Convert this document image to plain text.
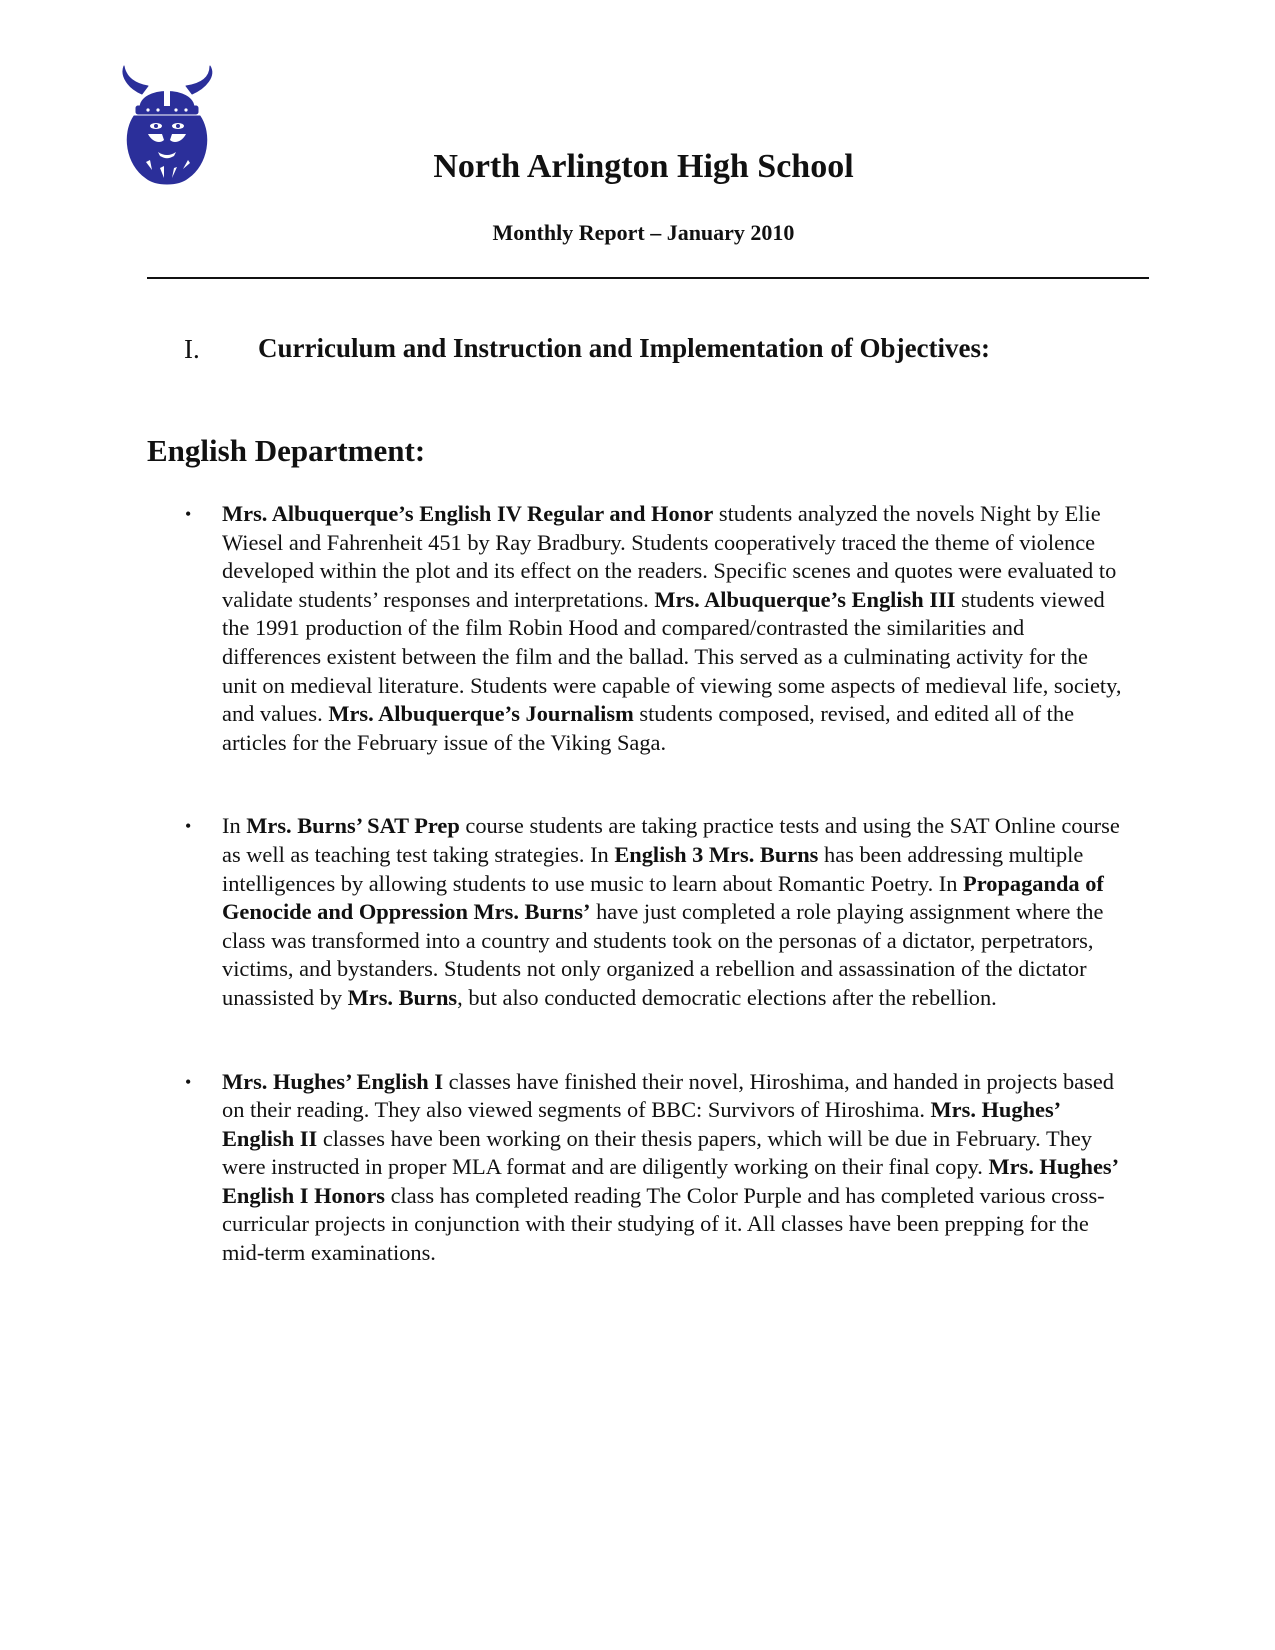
North Arlington High School
Monthly Report – January 2010
I. Curriculum and Instruction and Implementation of Objectives:
English Department:
• Mrs. Albuquerque’s English IV Regular and Honor students analyzed the novels Night by Elie Wiesel and Fahrenheit 451 by Ray Bradbury. Students cooperatively traced the theme of violence developed within the plot and its effect on the readers. Specific scenes and quotes were evaluated to validate students’ responses and interpretations. Mrs. Albuquerque’s English III students viewed the 1991 production of the film Robin Hood and compared/contrasted the similarities and differences existent between the film and the ballad. This served as a culminating activity for the unit on medieval literature. Students were capable of viewing some aspects of medieval life, society, and values. Mrs. Albuquerque’s Journalism students composed, revised, and edited all of the articles for the February issue of the Viking Saga.
• In Mrs. Burns’ SAT Prep course students are taking practice tests and using the SAT Online course as well as teaching test taking strategies. In English 3 Mrs. Burns has been addressing multiple intelligences by allowing students to use music to learn about Romantic Poetry. In Propaganda of Genocide and Oppression Mrs. Burns’ have just completed a role playing assignment where the class was transformed into a country and students took on the personas of a dictator, perpetrators, victims, and bystanders. Students not only organized a rebellion and assassination of the dictator unassisted by Mrs. Burns, but also conducted democratic elections after the rebellion.
• Mrs. Hughes’ English I classes have finished their novel, Hiroshima, and handed in projects based on their reading. They also viewed segments of BBC: Survivors of Hiroshima. Mrs. Hughes’ English II classes have been working on their thesis papers, which will be due in February. They were instructed in proper MLA format and are diligently working on their final copy. Mrs. Hughes’ English I Honors class has completed reading The Color Purple and has completed various cross-curricular projects in conjunction with their studying of it. All classes have been prepping for the mid-term examinations.
